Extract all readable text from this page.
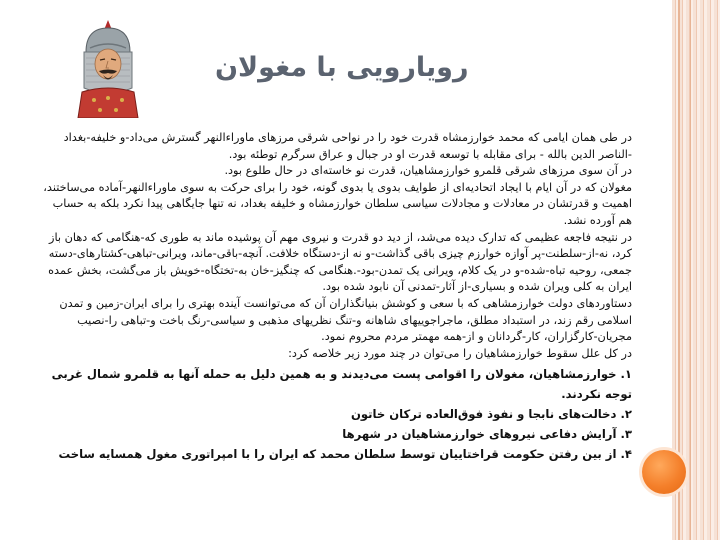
رویارویی با مغولان

در طی همان ایامی که محمد خوارزمشاه قدرت خود را در نواحی شرقی مرزهای ماوراءالنهر گسترش می‌داد-و خلیفه-بغداد -الناصر الدین بالله - برای مقابله با توسعه قدرت او در جبال و عراق سرگرم توطئه بود.

در آن سوی مرزهای شرقی قلمرو خوارزمشاهیان، قدرت نو خاسته‌ای در حال طلوع بود.

مغولان که در آن ایام با ایجاد اتحادیه‌ای از طوایف بدوی یا بدوی گونه، خود را برای حرکت به سوی ماوراءالنهر-آماده می‌ساختند، اهمیت و قدرتشان در معادلات و مجادلات سیاسی سلطان خوارزمشاه و خلیفه بغداد، نه تنها جایگاهی پیدا نکرد بلکه به حساب هم آورده نشد.

در نتیجه فاجعه عظیمی که تدارک دیده می‌شد، از دید دو قدرت و نیروی مهم آن پوشیده ماند به طوری که-هنگامی که دهان باز کرد، نه-از-سلطنت-پر آوازه خوارزم چیزی باقی گذاشت-و نه از-دستگاه خلافت. آنچه-باقی-ماند، ویرانی-تباهی-کشتارهای-دسته جمعی، روحیه تباه-شده-و در یک کلام، ویرانی یک تمدن-بود-.هنگامی که چنگیز-خان به-تختگاه-خویش باز می‌گشت، بخش عمده ایران به کلی ویران شده و بسیاری-از آثار-تمدنی آن نابود شده بود.

دستاوردهای دولت خوارزمشاهی که با سعی و کوشش بنیانگذاران آن که می‌توانست آینده بهتری را برای ایران-زمین و تمدن اسلامی رقم زند، در استبداد مطلق، ماجراجوییهای شاهانه و-تنگ نظریهای مذهبی و سیاسی-رنگ باخت و-تباهی را-نصیب مجریان-کارگزاران، کار-گردانان و از-همه مهمتر مردم محروم نمود.

در کل علل سقوط خوارزمشاهیان را می‌توان در چند مورد زیر خلاصه کرد:

۱. خوارزمشاهیان، مغولان را اقوامی پست می‌دیدند و به همین دلیل به حمله آنها به قلمرو شمال غربی توجه نکردند.
۲. دخالت‌های نابجا و نفوذ فوق‌العاده ترکان خاتون
۳. آرایش دفاعی نیروهای خوارزمشاهیان در شهرها
۴. از بین رفتن حکومت قراختاییان توسط سلطان محمد که ایران را با امپراتوری مغول همسایه ساخت
